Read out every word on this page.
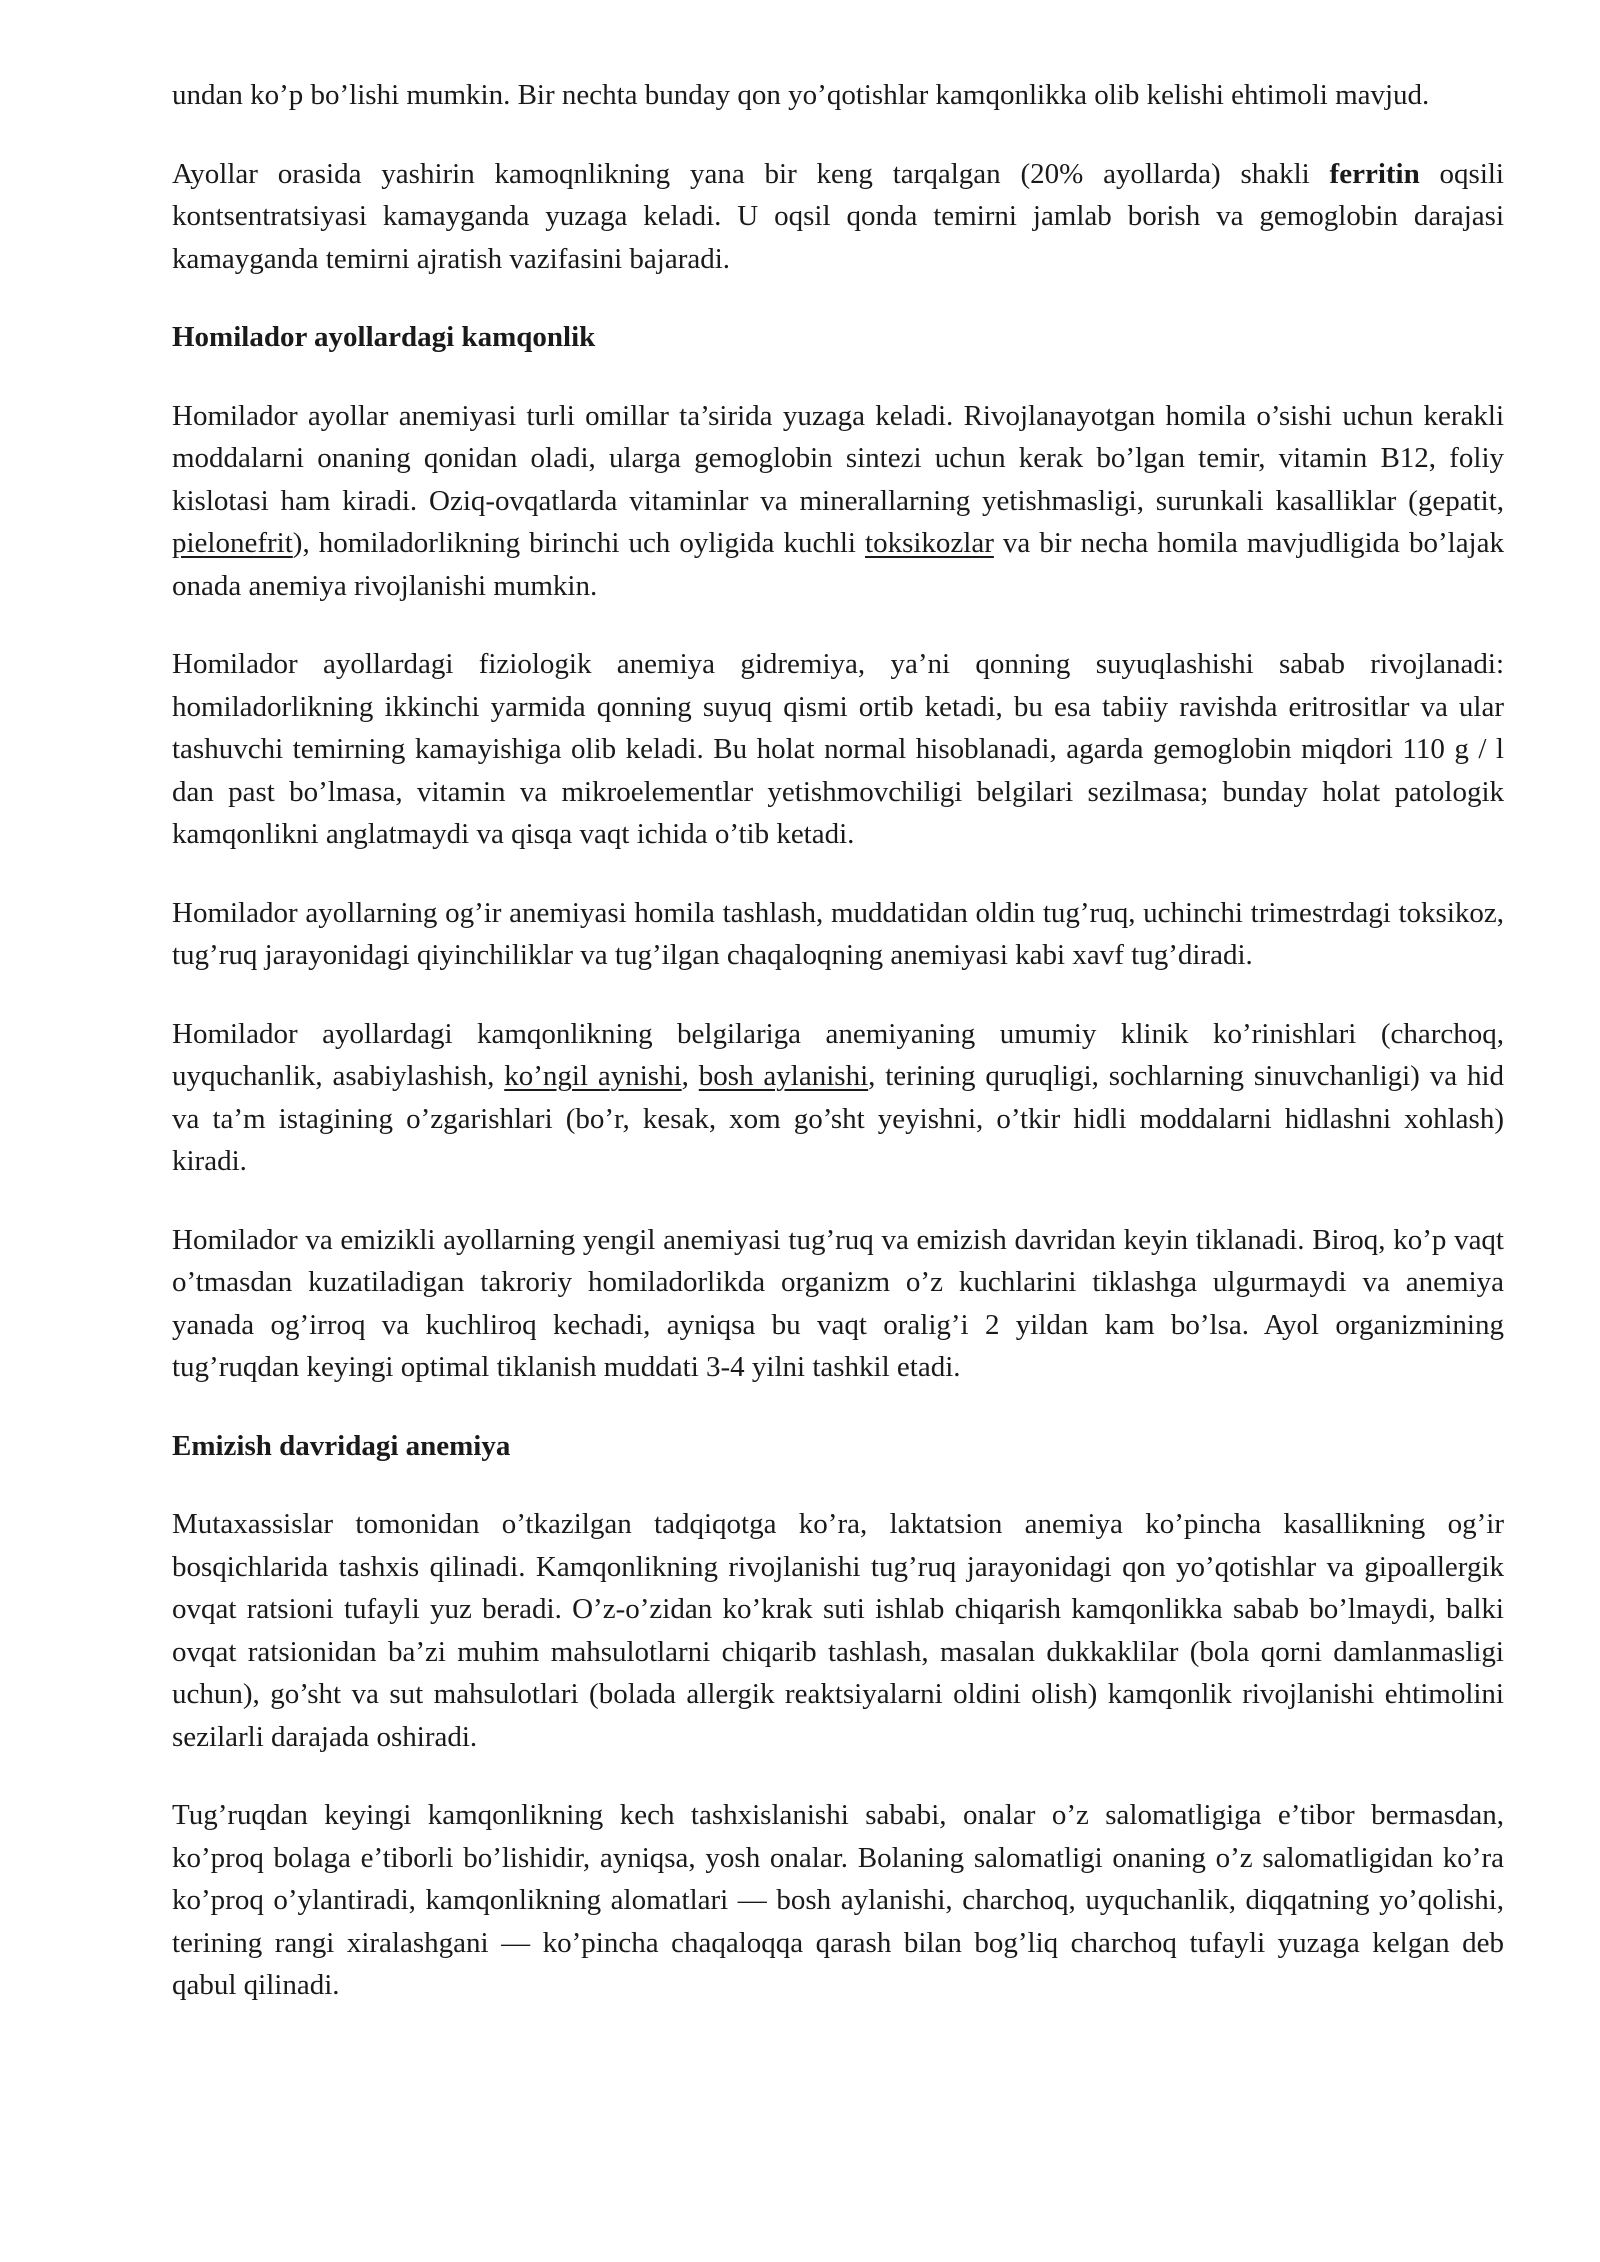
undan ko’p bo’lishi mumkin. Bir nechta bunday qon yo’qotishlar kamqonlikka olib kelishi ehtimoli mavjud.

Ayollar orasida yashirin kamoqnlikning yana bir keng tarqalgan (20% ayollarda) shakli ferritin oqsili kontsentratsiyasi kamayganda yuzaga keladi. U oqsil qonda temirni jamlab borish va gemoglobin darajasi kamayganda temirni ajratish vazifasini bajaradi.

Homilador ayollardagi kamqonlik

Homilador ayollar anemiyasi turli omillar ta’sirida yuzaga keladi. Rivojlanayotgan homila o’sishi uchun kerakli moddalarni onaning qonidan oladi, ularga gemoglobin sintezi uchun kerak bo’lgan temir, vitamin B12, foliy kislotasi ham kiradi. Oziq-ovqatlarda vitaminlar va minerallarning yetishmasligi, surunkali kasalliklar (gepatit, pielonefrit), homiladorlikning birinchi uch oyligida kuchli toksikozlar va bir necha homila mavjudligida bo’lajak onada anemiya rivojlanishi mumkin.

Homilador ayollardagi fiziologik anemiya gidremiya, ya’ni qonning suyuqlashishi sabab rivojlanadi: homiladorlikning ikkinchi yarmida qonning suyuq qismi ortib ketadi, bu esa tabiiy ravishda eritrositlar va ular tashuvchi temirning kamayishiga olib keladi. Bu holat normal hisoblanadi, agarda gemoglobin miqdori 110 g / l dan past bo’lmasa, vitamin va mikroelementlar yetishmovchiligi belgilari sezilmasa; bunday holat patologik kamqonlikni anglatmaydi va qisqa vaqt ichida o’tib ketadi.

Homilador ayollarning og’ir anemiyasi homila tashlash, muddatidan oldin tug’ruq, uchinchi trimestrdagi toksikoz, tug’ruq jarayonidagi qiyinchiliklar va tug’ilgan chaqaloqning anemiyasi kabi xavf tug’diradi.

Homilador ayollardagi kamqonlikning belgilariga anemiyaning umumiy klinik ko’rinishlari (charchoq, uyquchanlik, asabiylashish, ko’ngil aynishi, bosh aylanishi, terining quruqligi, sochlarning sinuvchanligi) va hid va ta’m istagining o’zgarishlari (bo’r, kesak, xom go’sht yeyishni, o’tkir hidli moddalarni hidlashni xohlash) kiradi.

Homilador va emizikli ayollarning yengil anemiyasi tug’ruq va emizish davridan keyin tiklanadi. Biroq, ko’p vaqt o’tmasdan kuzatiladigan takroriy homiladorlikda organizm o’z kuchlarini tiklashga ulgurmaydi va anemiya yanada og’irroq va kuchliroq kechadi, ayniqsa bu vaqt oralig’i 2 yildan kam bo’lsa. Ayol organizmining tug’ruqdan keyingi optimal tiklanish muddati 3-4 yilni tashkil etadi.

Emizish davridagi anemiya

Mutaxassislar tomonidan o’tkazilgan tadqiqotga ko’ra, laktatsion anemiya ko’pincha kasallikning og’ir bosqichlarida tashxis qilinadi. Kamqonlikning rivojlanishi tug’ruq jarayonidagi qon yo’qotishlar va gipoallergik ovqat ratsioni tufayli yuz beradi. O’z-o’zidan ko’krak suti ishlab chiqarish kamqonlikka sabab bo’lmaydi, balki ovqat ratsionidan ba’zi muhim mahsulotlarni chiqarib tashlash, masalan dukkaklilar (bola qorni damlanmasligi uchun), go’sht va sut mahsulotlari (bolada allergik reaktsiyalarni oldini olish) kamqonlik rivojlanishi ehtimolini sezilarli darajada oshiradi.

Tug’ruqdan keyingi kamqonlikning kech tashxislanishi sababi, onalar o’z salomatligiga e’tibor bermasdan, ko’proq bolaga e’tiborli bo’lishidir, ayniqsa, yosh onalar. Bolaning salomatligi onaning o’z salomatligidan ko’ra ko’proq o’ylantiradi, kamqonlikning alomatlari — bosh aylanishi, charchoq, uyquchanlik, diqqatning yo’qolishi, terining rangi xiralashgani — ko’pincha chaqaloqqa qarash bilan bog’liq charchoq tufayli yuzaga kelgan deb qabul qilinadi.
